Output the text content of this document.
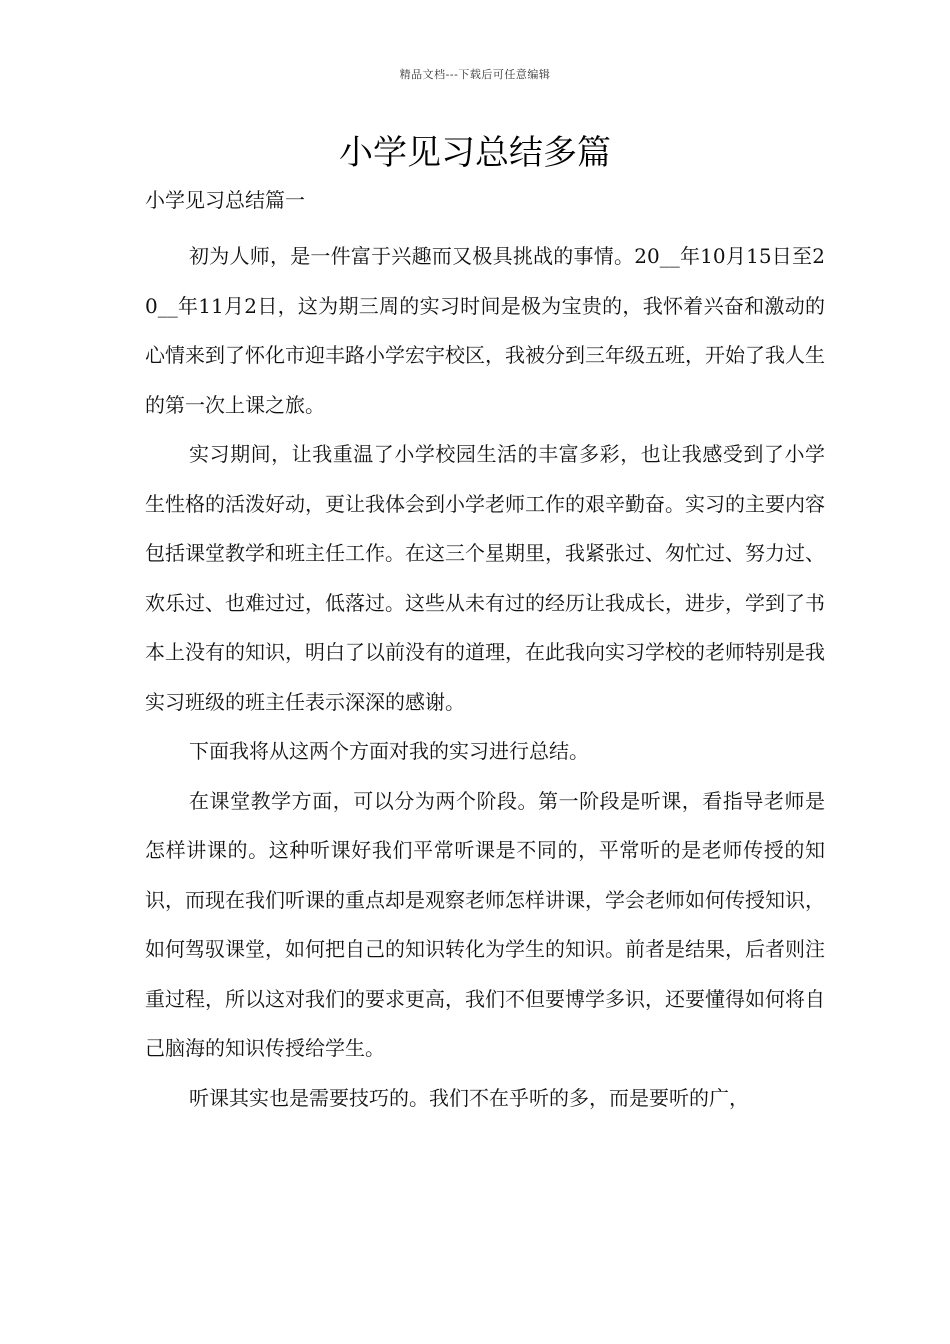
精品文档---下载后可任意编辑
小学见习总结多篇
小学见习总结篇一

初为人师，是一件富于兴趣而又极具挑战的事情。20__年10月15日至20__年11月2日，这为期三周的实习时间是极为宝贵的，我怀着兴奋和激动的心情来到了怀化市迎丰路小学宏宇校区，我被分到三年级五班，开始了我人生的第一次上课之旅。

实习期间，让我重温了小学校园生活的丰富多彩，也让我感受到了小学生性格的活泼好动，更让我体会到小学老师工作的艰辛勤奋。实习的主要内容包括课堂教学和班主任工作。在这三个星期里，我紧张过、匆忙过、努力过、欢乐过、也难过过，低落过。这些从未有过的经历让我成长，进步，学到了书本上没有的知识，明白了以前没有的道理，在此我向实习学校的老师特别是我实习班级的班主任表示深深的感谢。

下面我将从这两个方面对我的实习进行总结。

在课堂教学方面，可以分为两个阶段。第一阶段是听课，看指导老师是怎样讲课的。这种听课好我们平常听课是不同的，平常听的是老师传授的知识，而现在我们听课的重点却是观察老师怎样讲课，学会老师如何传授知识，如何驾驭课堂，如何把自己的知识转化为学生的知识。前者是结果，后者则注重过程，所以这对我们的要求更高，我们不但要博学多识，还要懂得如何将自己脑海的知识传授给学生。

听课其实也是需要技巧的。我们不在乎听的多，而是要听的广，
